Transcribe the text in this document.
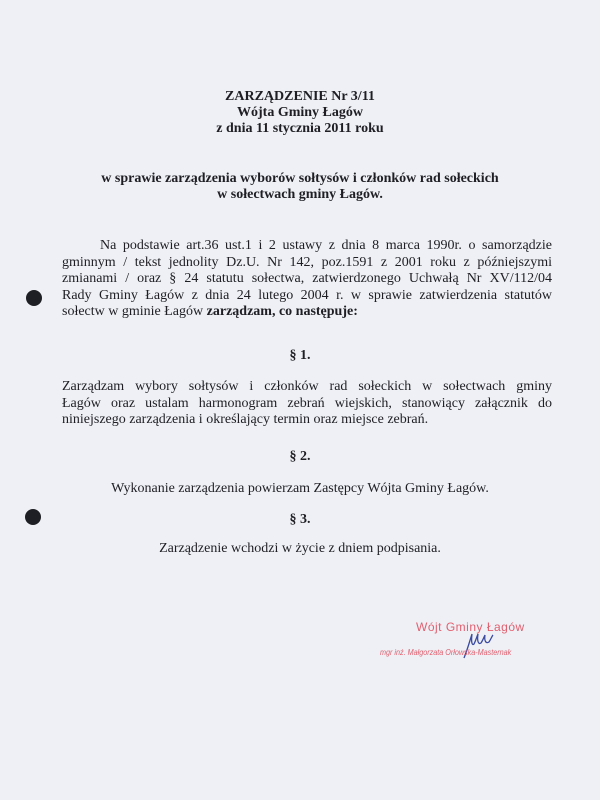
ZARZĄDZENIE Nr 3/11
Wójta Gminy Łagów
z dnia 11 stycznia 2011 roku
w sprawie zarządzenia wyborów sołtysów i członków rad sołeckich
w sołectwach gminy Łagów.
Na podstawie art.36 ust.1 i 2 ustawy z dnia 8 marca 1990r. o samorządzie
gminnym / tekst jednolity Dz.U. Nr 142, poz.1591 z 2001 roku z późniejszymi
zmianami / oraz § 24 statutu sołectwa, zatwierdzonego Uchwałą Nr XV/112/04
Rady Gminy Łagów z dnia 24 lutego 2004 r. w sprawie zatwierdzenia statutów
sołectw w gminie Łagów zarządzam, co następuje:
§ 1.
Zarządzam wybory sołtysów i członków rad sołeckich w sołectwach gminy
Łagów oraz ustalam harmonogram zebrań wiejskich, stanowiący załącznik do
niniejszego zarządzenia i określający termin oraz miejsce zebrań.
§ 2.
Wykonanie zarządzenia powierzam Zastępcy Wójta Gminy Łagów.
§ 3.
Zarządzenie wchodzi w życie z dniem podpisania.
Wójt Gminy Łagów
mgr inż. Małgorzata Orłowska-Masternak
